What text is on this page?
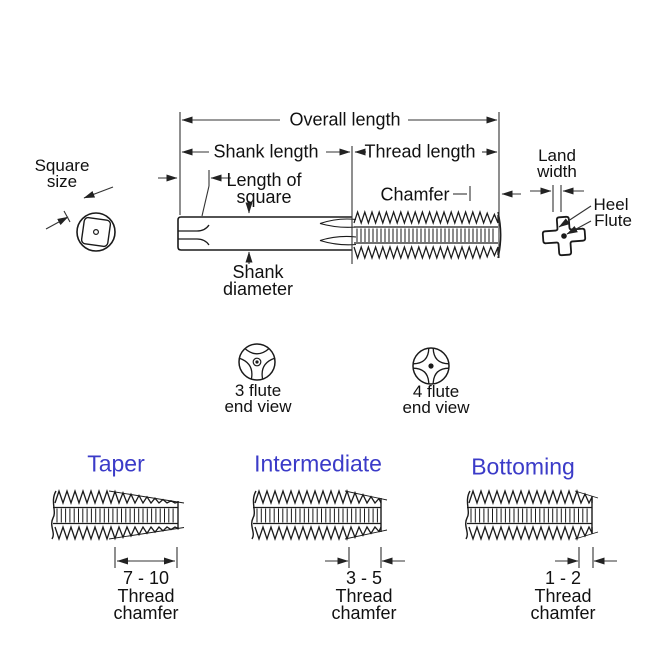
Overall length
Shank length	Thread length
Length of
square	Chamfer
Shank
diameter
Square
size
Land
width
Heel
Flute
3 flute
end view
4 flute
end view
Taper	Intermediate	Bottoming
7 - 10
Thread
chamfer
3 - 5
Thread
chamfer
1 - 2
Thread
chamfer
